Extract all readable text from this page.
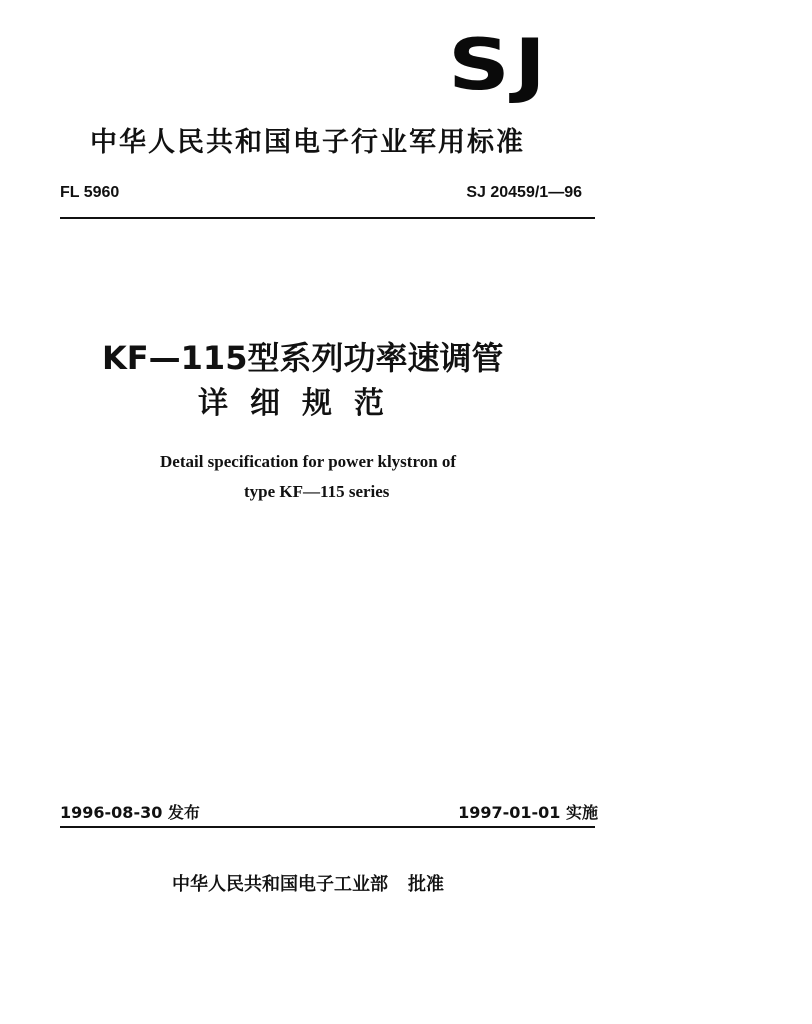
SJ
中华人民共和国电子行业军用标准
FL 5960	SJ 20459/1—96
KF—115型系列功率速调管
详细规范
Detail specification for power klystron of
type KF—115 series
1996-08-30 发布	1997-01-01 实施
中华人民共和国电子工业部 批准
